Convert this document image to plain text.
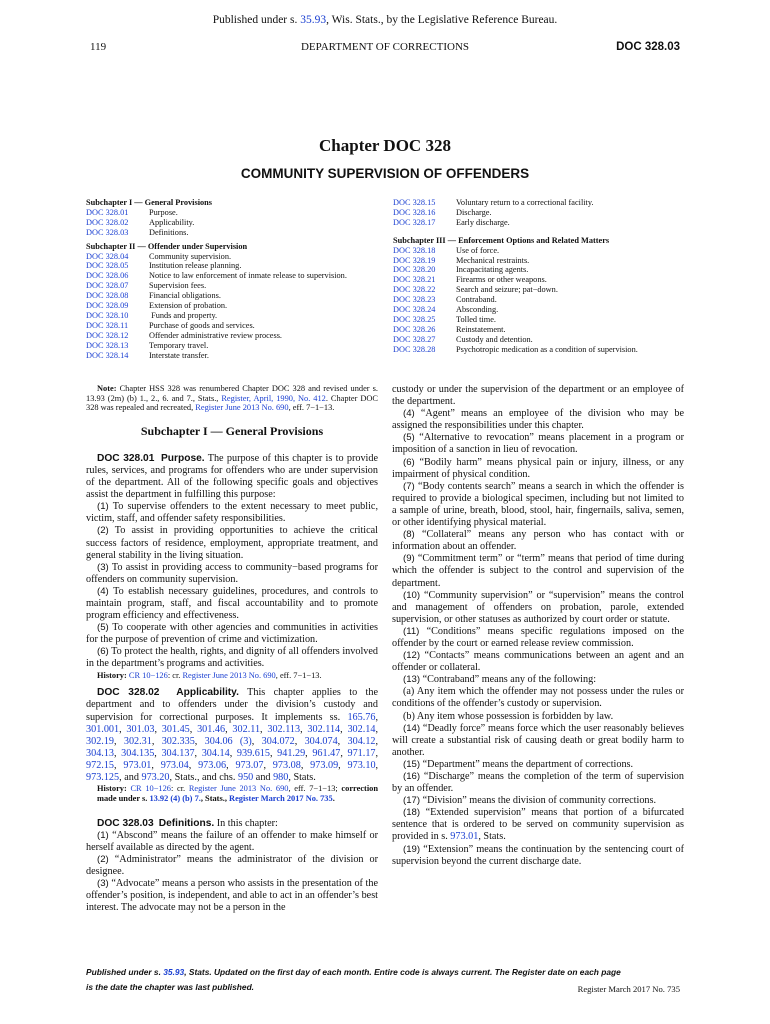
Published under s. 35.93, Wis. Stats., by the Legislative Reference Bureau.
119	DEPARTMENT OF CORRECTIONS	DOC 328.03
Chapter DOC 328
COMMUNITY SUPERVISION OF OFFENDERS
Subchapter I — General Provisions
DOC 328.01 Purpose.
DOC 328.02 Applicability.
DOC 328.03 Definitions.
Subchapter II — Offender under Supervision
DOC 328.04 Community supervision.
DOC 328.05 Institution release planning.
DOC 328.06 Notice to law enforcement of inmate release to supervision.
DOC 328.07 Supervision fees.
DOC 328.08 Financial obligations.
DOC 328.09 Extension of probation.
DOC 328.10 Funds and property.
DOC 328.11	Purchase of goods and services.
DOC 328.12 Offender administrative review process.
DOC 328.13 Temporary travel.
DOC 328.14 Interstate transfer.
DOC 328.15 Voluntary return to a correctional facility.
DOC 328.16 Discharge.
DOC 328.17 Early discharge.
Subchapter III — Enforcement Options and Related Matters
DOC 328.18 Use of force.
DOC 328.19 Mechanical restraints.
DOC 328.20 Incapacitating agents.
DOC 328.21 Firearms or other weapons.
DOC 328.22 Search and seizure; pat−down.
DOC 328.23 Contraband.
DOC 328.24 Absconding.
DOC 328.25 Tolled time.
DOC 328.26 Reinstatement.
DOC 328.27 Custody and detention.
DOC 328.28 Psychotropic medication as a condition of supervision.

Note: Chapter HSS 328 was renumbered Chapter DOC 328 and revised under s. 13.93 (2m) (b) 1., 2., 6. and 7., Stats., Register, April, 1990, No. 412. Chapter DOC 328 was repealed and recreated, Register June 2013 No. 690, eff. 7−1−13.

Subchapter I — General Provisions

DOC 328.01 Purpose. The purpose of this chapter is to provide rules, services, and programs for offenders who are under supervision of the department. All of the following specific goals and objectives assist the department in fulfilling this purpose:

(1) To supervise offenders to the extent necessary to meet public, victim, staff, and offender safety responsibilities.

(2) To assist in providing opportunities to achieve the critical success factors of residence, employment, appropriate treatment, and general stability in the living situation.

(3) To assist in providing access to community−based programs for offenders on community supervision.

(4) To establish necessary guidelines, procedures, and controls to maintain program, staff, and fiscal accountability and to promote program efficiency and effectiveness.

(5) To cooperate with other agencies and communities in activities for the purpose of prevention of crime and victimization.

(6) To protect the health, rights, and dignity of all offenders involved in the department’s programs and activities.

History: CR 10−126: cr. Register June 2013 No. 690, eff. 7−1−13.

DOC 328.02 Applicability. This chapter applies to the department and to offenders under the division’s custody and supervision for correctional purposes. It implements ss. 165.76, 301.001, 301.03, 301.45, 301.46, 302.11, 302.113, 302.114, 302.14, 302.19, 302.31, 302.335, 304.06 (3), 304.072, 304.074, 304.12, 304.13, 304.135, 304.137, 304.14, 939.615, 941.29, 961.47, 971.17, 972.15, 973.01, 973.04, 973.06, 973.07, 973.08, 973.09, 973.10, 973.125, and 973.20, Stats., and chs. 950 and 980, Stats.

History: CR 10−126: cr. Register June 2013 No. 690, eff. 7−1−13; correction made under s. 13.92 (4) (b) 7., Stats., Register March 2017 No. 735.

DOC 328.03 Definitions. In this chapter:

(1) “Abscond” means the failure of an offender to make himself or herself available as directed by the agent.

(2) “Administrator” means the administrator of the division or designee.

(3) “Advocate” means a person who assists in the presentation of the offender’s position, is independent, and able to act in an offender’s best interest. The advocate may not be a person in the

custody or under the supervision of the department or an employee of the department.

(4) “Agent” means an employee of the division who may be assigned the responsibilities under this chapter.

(5) “Alternative to revocation” means placement in a program or imposition of a sanction in lieu of revocation.

(6) “Bodily harm” means physical pain or injury, illness, or any impairment of physical condition.

(7) “Body contents search” means a search in which the offender is required to provide a biological specimen, including but not limited to a sample of urine, breath, blood, stool, hair, fingernails, saliva, semen, or other identifying physical material.

(8) “Collateral” means any person who has contact with or information about an offender.

(9) “Commitment term” or “term” means that period of time during which the offender is subject to the control and supervision of the department.

(10) “Community supervision” or “supervision” means the control and management of offenders on probation, parole, extended supervision, or other statuses as authorized by court order or statute.

(11) “Conditions” means specific regulations imposed on the offender by the court or earned release review commission.

(12) “Contacts” means communications between an agent and an offender or collateral.

(13) “Contraband” means any of the following:

(a) Any item which the offender may not possess under the rules or conditions of the offender’s custody or supervision.

(b) Any item whose possession is forbidden by law.

(14) “Deadly force” means force which the user reasonably believes will create a substantial risk of causing death or great bodily harm to another.

(15) “Department” means the department of corrections.

(16) “Discharge” means the completion of the term of supervision by an offender.

(17) “Division” means the division of community corrections.

(18) “Extended supervision” means that portion of a bifurcated sentence that is ordered to be served on community supervision as provided in s. 973.01, Stats.

(19) “Extension” means the continuation by the sentencing court of supervision beyond the current discharge date.

Published under s. 35.93, Stats. Updated on the first day of each month. Entire code is always current. The Register date on each page
is the date the chapter was last published.	Register March 2017 No. 735
